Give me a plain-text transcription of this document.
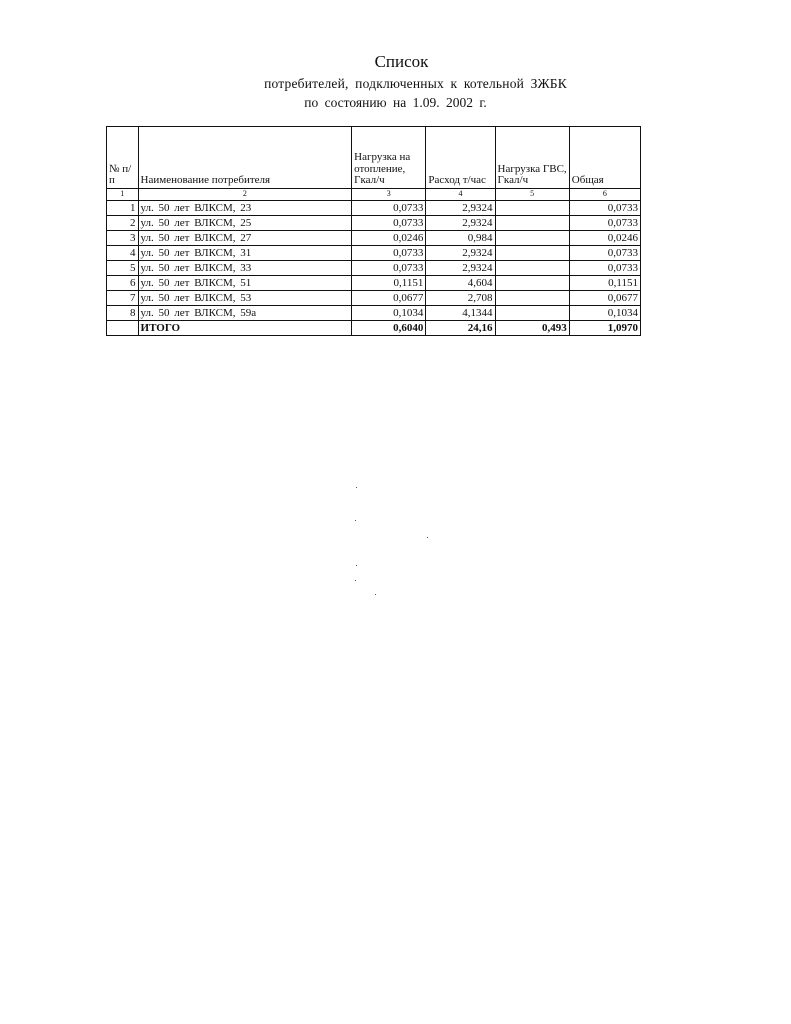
Список
потребителей, подключенных к котельной ЗЖБК
по состоянию на 1.09. 2002 г.
№ п/п	Наименование потребителя	Нагрузка на отопление, Гкал/ч	Расход т/час	Нагрузка ГВС, Гкал/ч	Общая
1	2	3	4	5	6
1	ул. 50 лет ВЛКСМ, 23	0,0733	2,9324		0,0733
2	ул. 50 лет ВЛКСМ, 25	0,0733	2,9324		0,0733
3	ул. 50 лет ВЛКСМ, 27	0,0246	0,984		0,0246
4	ул. 50 лет ВЛКСМ, 31	0,0733	2,9324		0,0733
5	ул. 50 лет ВЛКСМ, 33	0,0733	2,9324		0,0733
6	ул. 50 лет ВЛКСМ, 51	0,1151	4,604		0,1151
7	ул. 50 лет ВЛКСМ, 53	0,0677	2,708		0,0677
8	ул. 50 лет ВЛКСМ, 59а	0,1034	4,1344		0,1034
	ИТОГО	0,6040	24,16	0,493	1,0970
